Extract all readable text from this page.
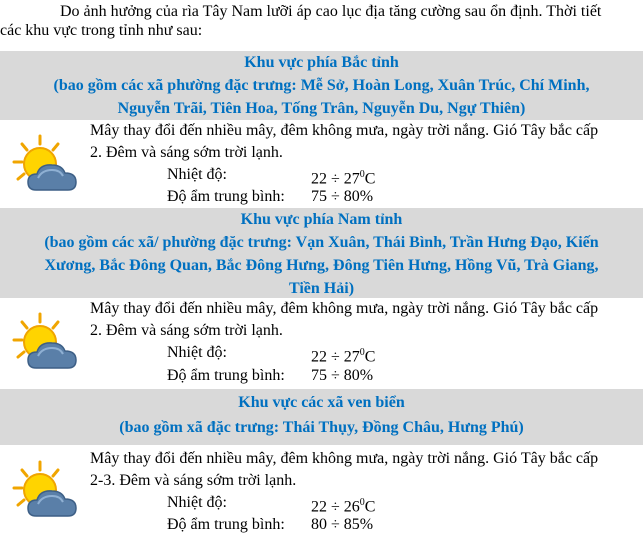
Do ảnh hưởng của rìa Tây Nam lưỡi áp cao lục địa tăng cường sau ổn định. Thời tiết
các khu vực trong tỉnh như sau:
Khu vực phía Bắc tỉnh
(bao gồm các xã phường đặc trưng: Mễ Sở, Hoàn Long, Xuân Trúc, Chí Minh,
Nguyễn Trãi, Tiên Hoa, Tống Trân, Nguyễn Du, Ngự Thiên)
Mây thay đổi đến nhiều mây, đêm không mưa, ngày trời nắng. Gió Tây bắc cấp
2. Đêm và sáng sớm trời lạnh.
Nhiệt độ:	$22 \div 27^0C$
Độ ẩm trung bình: 75 ÷ 80%
Khu vực phía Nam tỉnh
(bao gồm các xã/ phường đặc trưng: Vạn Xuân, Thái Bình, Trần Hưng Đạo, Kiến
Xương, Bắc Đông Quan, Bắc Đông Hưng, Đông Tiên Hưng, Hồng Vũ, Trà Giang,
Tiền Hải)
Mây thay đổi đến nhiều mây, đêm không mưa, ngày trời nắng. Gió Tây bắc cấp
2. Đêm và sáng sớm trời lạnh.
Nhiệt độ:	$22 \div 27^0C$
Độ ẩm trung bình: 75 ÷ 80%
Khu vực các xã ven biển
(bao gồm xã đặc trưng: Thái Thụy, Đồng Châu, Hưng Phú)
Mây thay đổi đến nhiều mây, đêm không mưa, ngày trời nắng. Gió Tây bắc cấp
2-3. Đêm và sáng sớm trời lạnh.
Nhiệt độ:	$22 \div 26^0C$
Độ ẩm trung bình: 80 ÷ 85%
